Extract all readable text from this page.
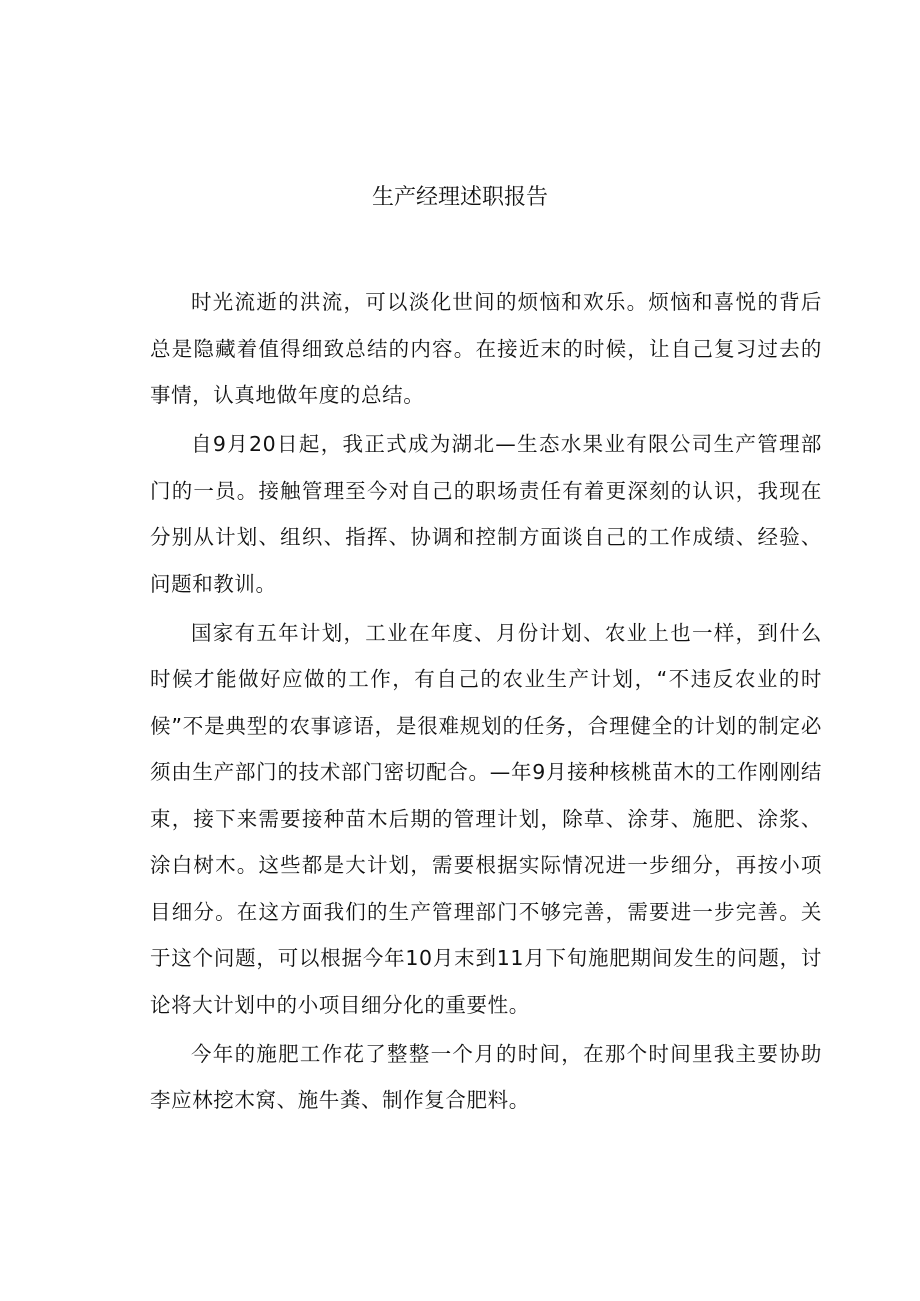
生产经理述职报告

时光流逝的洪流，可以淡化世间的烦恼和欢乐。烦恼和喜悦的背后总是隐藏着值得细致总结的内容。在接近末的时候，让自己复习过去的事情，认真地做年度的总结。

自9月20日起，我正式成为湖北—生态水果业有限公司生产管理部门的一员。接触管理至今对自己的职场责任有着更深刻的认识，我现在分别从计划、组织、指挥、协调和控制方面谈自己的工作成绩、经验、问题和教训。

国家有五年计划，工业在年度、月份计划、农业上也一样，到什么时候才能做好应做的工作，有自己的农业生产计划，“不违反农业的时候”不是典型的农事谚语，是很难规划的任务，合理健全的计划的制定必须由生产部门的技术部门密切配合。—年9月接种核桃苗木的工作刚刚结束，接下来需要接种苗木后期的管理计划，除草、涂芽、施肥、涂浆、涂白树木。这些都是大计划，需要根据实际情况进一步细分，再按小项目细分。在这方面我们的生产管理部门不够完善，需要进一步完善。关于这个问题，可以根据今年10月末到11月下旬施肥期间发生的问题，讨论将大计划中的小项目细分化的重要性。

今年的施肥工作花了整整一个月的时间，在那个时间里我主要协助李应林挖木窝、施牛粪、制作复合肥料。
